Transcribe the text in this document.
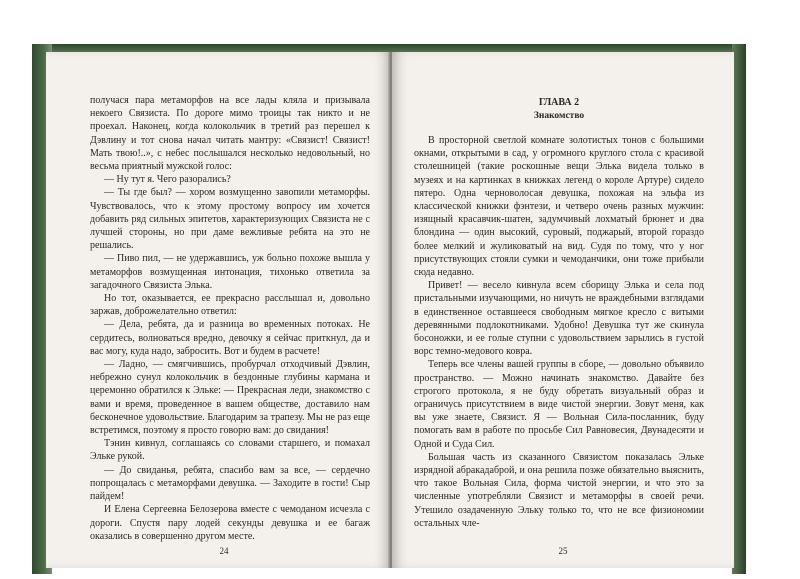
получася пара метаморфов на все лады кляла и призывала некоего Связиста. По дороге мимо троицы так никто и не проехал. Наконец, когда колокольчик в третий раз перешел к Дэвлину и тот снова начал читать мантру: «Связист! Связист! Мать твою!..», с небес послышался несколько недовольный, но весьма приятный мужской голос:

— Ну тут я. Чего разорались?

— Ты где был? — хором возмущенно завопили метаморфы. Чувствовалось, что к этому простому вопросу им хочется добавить ряд сильных эпитетов, характеризующих Связиста не с лучшей стороны, но при даме вежливые ребята на это не решались.

— Пиво пил, — не удержавшись, уж больно похоже вышла у метаморфов возмущенная интонация, тихонько ответила за загадочного Связиста Элька.

Но тот, оказывается, ее прекрасно расслышал и, довольно заржав, доброжелательно ответил:

— Дела, ребята, да и разница во временных потоках. Не сердитесь, волноваться вредно, девочку я сейчас приткнул, да и вас могу, куда надо, забросить. Вот и будем в расчете!

— Ладно, — смягчившись, пробурчал отходчивый Дэвлин, небрежно сунул колокольчик в бездонные глубины кармана и церемонно обратился к Эльке: — Прекрасная леди, знакомство с вами и время, проведенное в вашем обществе, доставило нам бесконечное удовольствие. Благодарим за трапезу. Мы не раз еще встретимся, поэтому я просто говорю вам: до свидания!

Тэнин кивнул, соглашаясь со словами старшего, и помахал Эльке рукой.

— До свиданья, ребята, спасибо вам за все, — сердечно попрощалась с метаморфами девушка. — Заходите в гости! Сыр пайдем!

И Елена Сергеевна Белозерова вместе с чемоданом исчезла с дороги. Спустя пару лодей секунды девушка и ее багаж оказались в совершенно другом месте.

24
ГЛАВА 2
Знакомство

В просторной светлой комнате золотистых тонов с большими окнами, открытыми в сад, у огромного круглого стола с красивой столешницей (такие роскошные вещи Элька видела только в музеях и на картинках в книжках легенд о короле Артуре) сидело пятеро. Одна черноволосая девушка, похожая на эльфа из классической книжки фэнтези, и четверо очень разных мужчин: изящный красавчик-шатен, задумчивый лохматый брюнет и два блондина — один высокий, суровый, поджарый, второй гораздо более мелкий и жуликоватый на вид. Судя по тому, что у ног присутствующих стояли сумки и чемоданчики, они тоже прибыли сюда недавно.

Привет! — весело кивнула всем сборищу Элька и села под пристальными изучающими, но ничуть не враждебными взглядами в единственное оставшееся свободным мягкое кресло с витыми деревянными подлокотниками. Удобно! Девушка тут же скинула босоножки, и ее голые ступни с удовольствием зарылись в густой ворс темно-медового ковра.

Теперь все члены вашей группы в сборе, — довольно объявило пространство. — Можно начинать знакомство. Давайте без строгого протокола, я не буду обретать визуальный образ и ограничусь присутствием в виде чистой энергии. Зовут меня, как вы уже знаете, Связист. Я — Вольная Сила-посланник, буду помогать вам в работе по просьбе Сил Равновесия, Двунадесяти и Одной и Суда Сил.

Большая часть из сказанного Связистом показалась Эльке изрядной абракадаброй, и она решила позже обязательно выяснить, что такое Вольная Сила, форма чистой энергии, и что это за численные употребляли Связист и метаморфы в своей речи. Утешило озадаченную Эльку только то, что не все физиономии остальных чле-

25
